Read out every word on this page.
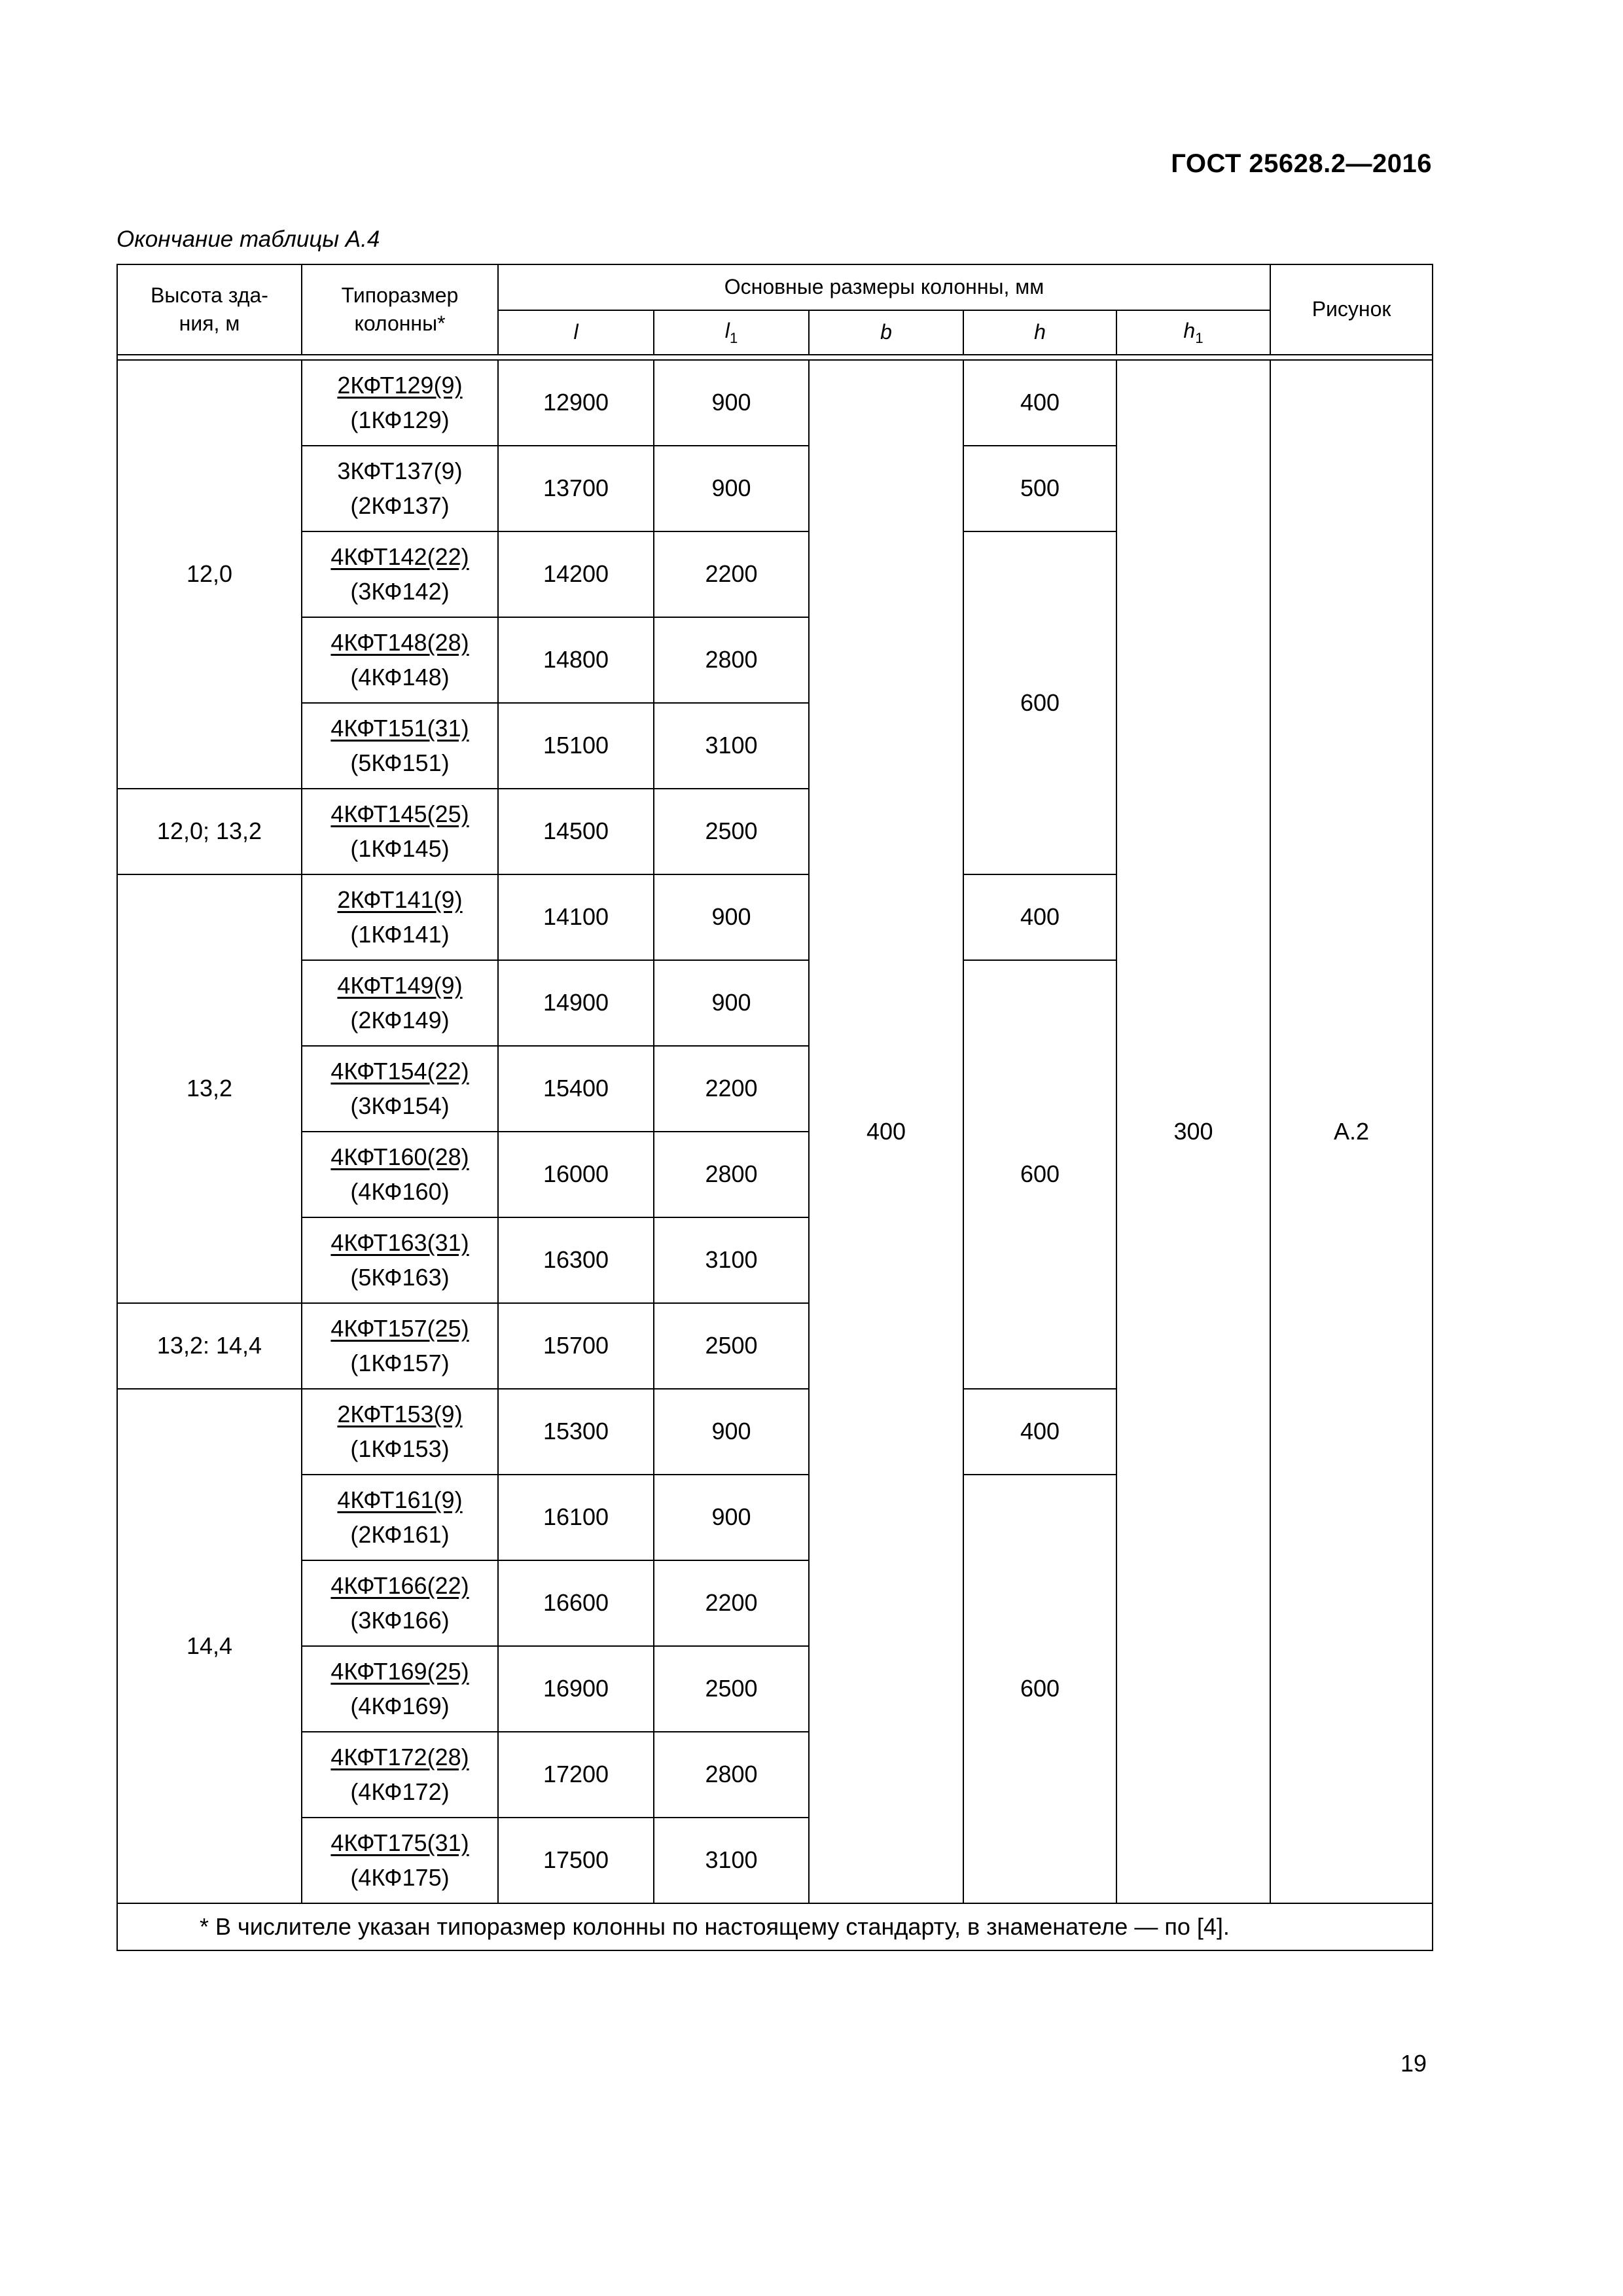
ГОСТ 25628.2—2016
Окончание таблицы А.4
Высота зда-
ния, м	Типоразмер
колонны*	Основные размеры колонны, мм					Рисунок
		l	$l_1$	b	h	$h_1$

12,0	2КФТ129(9)
(1КФ129)	12900	900	400	400	300	А.2

	3КФТ137(9)
(2КФ137)	13700	900		500		

	4КФТ142(22)
(3КФ142)	14200	2200		600		

	4КФТ148(28)
(4КФ148)	14800	2800				

	4КФТ151(31)
(5КФ151)	15100	3100				
12,0; 13,2	4КФТ145(25)
(1КФ145)	14500	2500				
13,2	2КФТ141(9)
(1КФ141)	14100	900		400		

	4КФТ149(9)
(2КФ149)	14900	900		600		

	4КФТ154(22)
(3КФ154)	15400	2200				

	4КФТ160(28)
(4КФ160)	16000	2800				

	4КФТ163(31)
(5КФ163)	16300	3100				
13,2: 14,4	4КФТ157(25)
(1КФ157)	15700	2500				
14,4	2КФТ153(9)
(1КФ153)	15300	900		400		

	4КФТ161(9)
(2КФ161)	16100	900		600		

	4КФТ166(22)
(3КФ166)	16600	2200				

	4КФТ169(25)
(4КФ169)	16900	2500				

	4КФТ172(28)
(4КФ172)	17200	2800				

	4КФТ175(31)
(4КФ175)	17500	3100				
* В числителе указан типоразмер колонны по настоящему стандарту, в знаменателе — по [4].							
19
